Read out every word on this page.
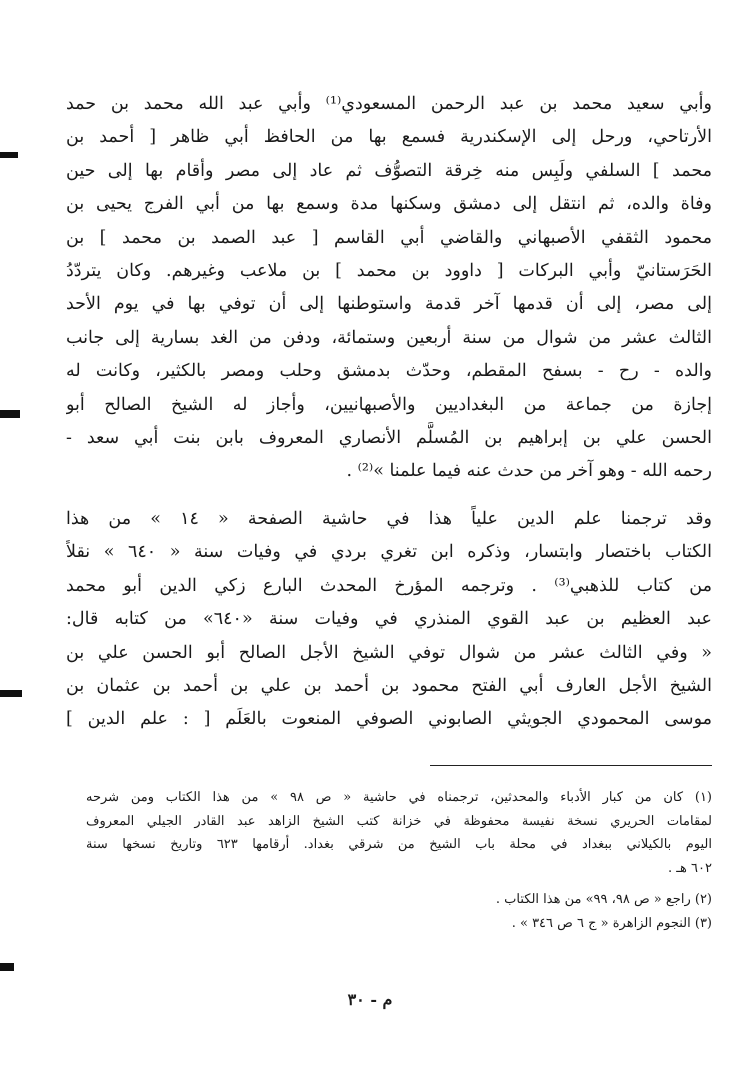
وأبي سعيد محمد بن عبد الرحمن المسعودي⁽¹⁾ وأبي عبد الله محمد بن حمد
الأرتاحي، ورحل إلى الإسكندرية فسمع بها من الحافظ أبي ظاهر [ أحمد بن
محمد ] السلفي ولَبِس منه خِرقة التصوُّف ثم عاد إلى مصر وأقام بها إلى حين
وفاة والده، ثم انتقل إلى دمشق وسكنها مدة وسمع بها من أبي الفرج يحيى بن
محمود الثقفي الأصبهاني والقاضي أبي القاسم [ عبد الصمد بن محمد ] بن
الحَرَستانيّ وأبي البركات [ داوود بن محمد ] بن ملاعب وغيرهم. وكان يتردّدُ
إلى مصر، إلى أن قدمها آخر قدمة واستوطنها إلى أن توفي بها في يوم الأحد
الثالث عشر من شوال من سنة أربعين وستمائة، ودفن من الغد بسارية إلى جانب
والده - رح - بسفح المقطم، وحدّث بدمشق وحلب ومصر بالكثير، وكانت له
إجازة من جماعة من البغداديين والأصبهانيين، وأجاز له الشيخ الصالح أبو
الحسن علي بن إبراهيم بن المُسلَّم الأنصاري المعروف بابن بنت أبي سعد -
رحمه الله - وهو آخر من حدث عنه فيما علمنا »⁽²⁾ .
وقد ترجمنا علم الدين علياً هذا في حاشية الصفحة « ١٤ » من هذا
الكتاب باختصار وابتسار، وذكره ابن تغري بردي في وفيات سنة « ٦٤٠ » نقلاً
من كتاب للذهبي⁽³⁾ . وترجمه المؤرخ المحدث البارع زكي الدين أبو محمد
عبد العظيم بن عبد القوي المنذري في وفيات سنة «٦٤٠» من كتابه قال:
« وفي الثالث عشر من شوال توفي الشيخ الأجل الصالح أبو الحسن علي بن
الشيخ الأجل العارف أبي الفتح محمود بن أحمد بن علي بن أحمد بن عثمان بن
موسى المحمودي الجويثي الصابوني الصوفي المنعوت بالعَلَم [ : علم الدين ]
(١) كان من كبار الأدباء والمحدثين، ترجمناه في حاشية « ص ٩٨ » من هذا الكتاب ومن شرحه
لمقامات الحريري نسخة نفيسة محفوظة في خزانة كتب الشيخ الزاهد عبد القادر الجيلي المعروف
اليوم بالكيلاني ببغداد في محلة باب الشيخ من شرقي بغداد. أرقامها ٦٢٣ وتاريخ نسخها سنة
٦٠٢ هـ .
(٢) راجع « ص ٩٨، ٩٩» من هذا الكتاب .
(٣) النجوم الزاهرة « ج ٦ ص ٣٤٦ » .
م - ٣٠
